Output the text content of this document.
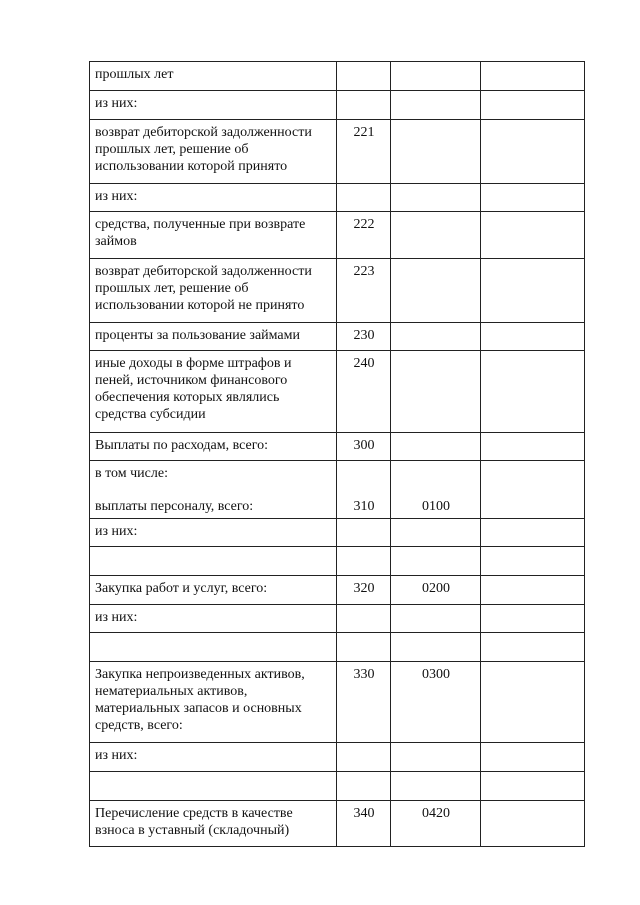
прошлых лет			

из них:			

возврат дебиторской задолженности прошлых лет, решение об использовании которой принято	221		

из них:			

средства, полученные при возврате займов	222		

возврат дебиторской задолженности прошлых лет, решение об использовании которой не принято	223		

проценты за пользование займами	230		

иные доходы в форме штрафов и пеней, источником финансового обеспечения которых являлись средства субсидии	240		

Выплаты по расходам, всего:	300		

в том числе:
выплаты персоналу, всего:	310	0100	

из них:			

Закупка работ и услуг, всего:	320	0200	

из них:			

Закупка непроизведенных активов, нематериальных активов, материальных запасов и основных средств, всего:	330	0300	

из них:			

Перечисление средств в качестве взноса в уставный (складочный)	340	0420	
